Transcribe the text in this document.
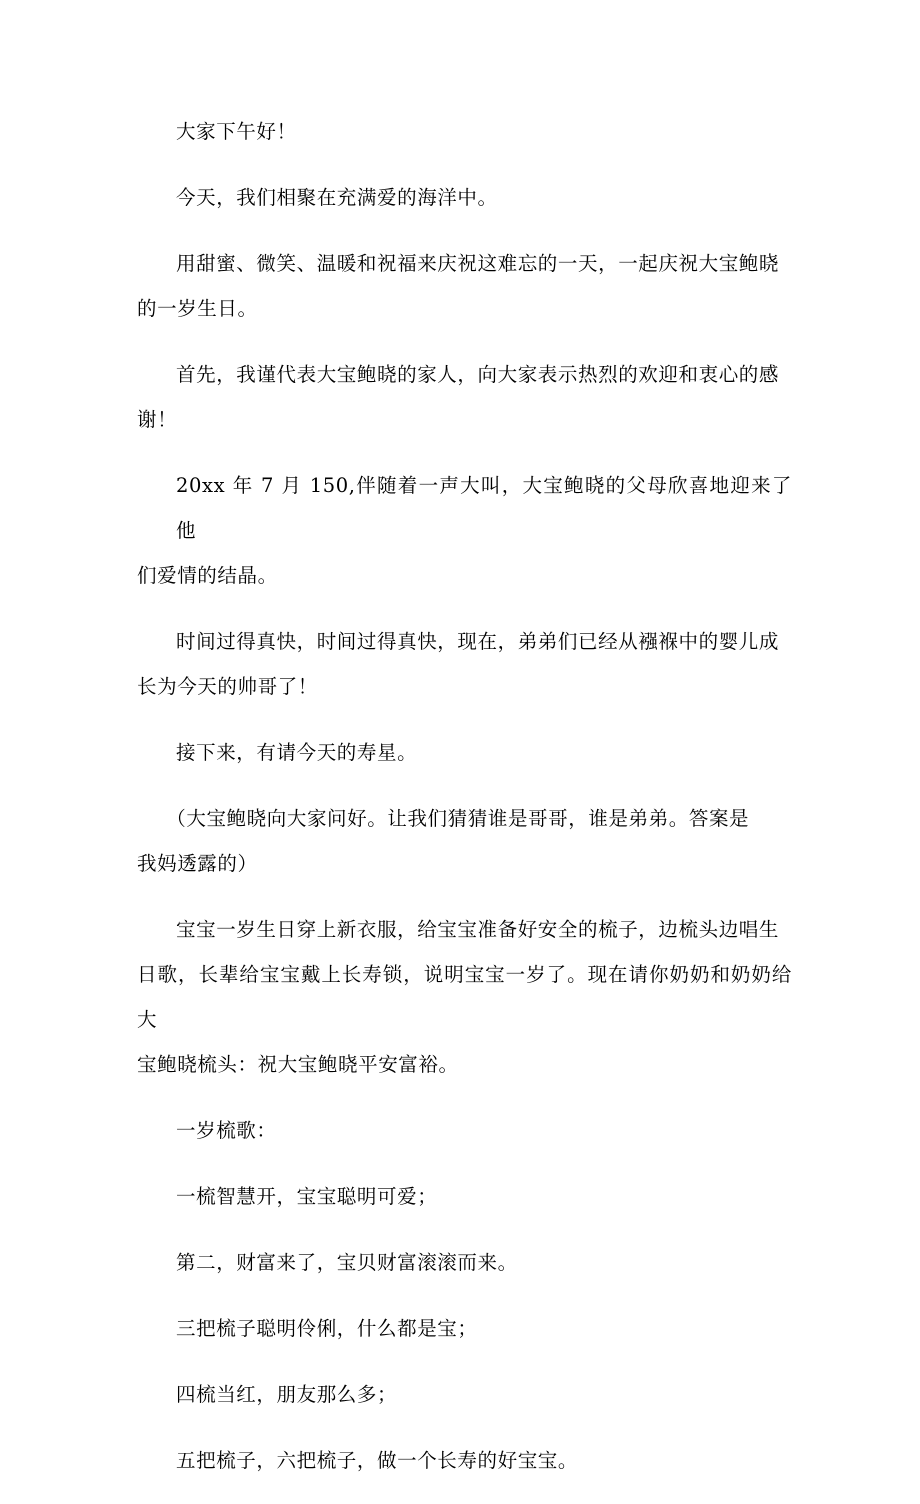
大家下午好！

今天，我们相聚在充满爱的海洋中。

用甜蜜、微笑、温暖和祝福来庆祝这难忘的一天，一起庆祝大宝鲍晓
的一岁生日。

首先，我谨代表大宝鲍晓的家人，向大家表示热烈的欢迎和衷心的感
谢！

20xx 年 7 月 150,伴随着一声大叫，大宝鲍晓的父母欣喜地迎来了他
们爱情的结晶。

时间过得真快，时间过得真快，现在，弟弟们已经从襁褓中的婴儿成
长为今天的帅哥了！

接下来，有请今天的寿星。

（大宝鲍晓向大家问好。让我们猜猜谁是哥哥，谁是弟弟。答案是
我妈透露的）

宝宝一岁生日穿上新衣服，给宝宝准备好安全的梳子，边梳头边唱生
日歌，长辈给宝宝戴上长寿锁，说明宝宝一岁了。现在请你奶奶和奶奶给大
宝鲍晓梳头：祝大宝鲍晓平安富裕。

一岁梳歌：

一梳智慧开，宝宝聪明可爱；

第二，财富来了，宝贝财富滚滚而来。

三把梳子聪明伶俐，什么都是宝；

四梳当红，朋友那么多；

五把梳子，六把梳子，做一个长寿的好宝宝。
